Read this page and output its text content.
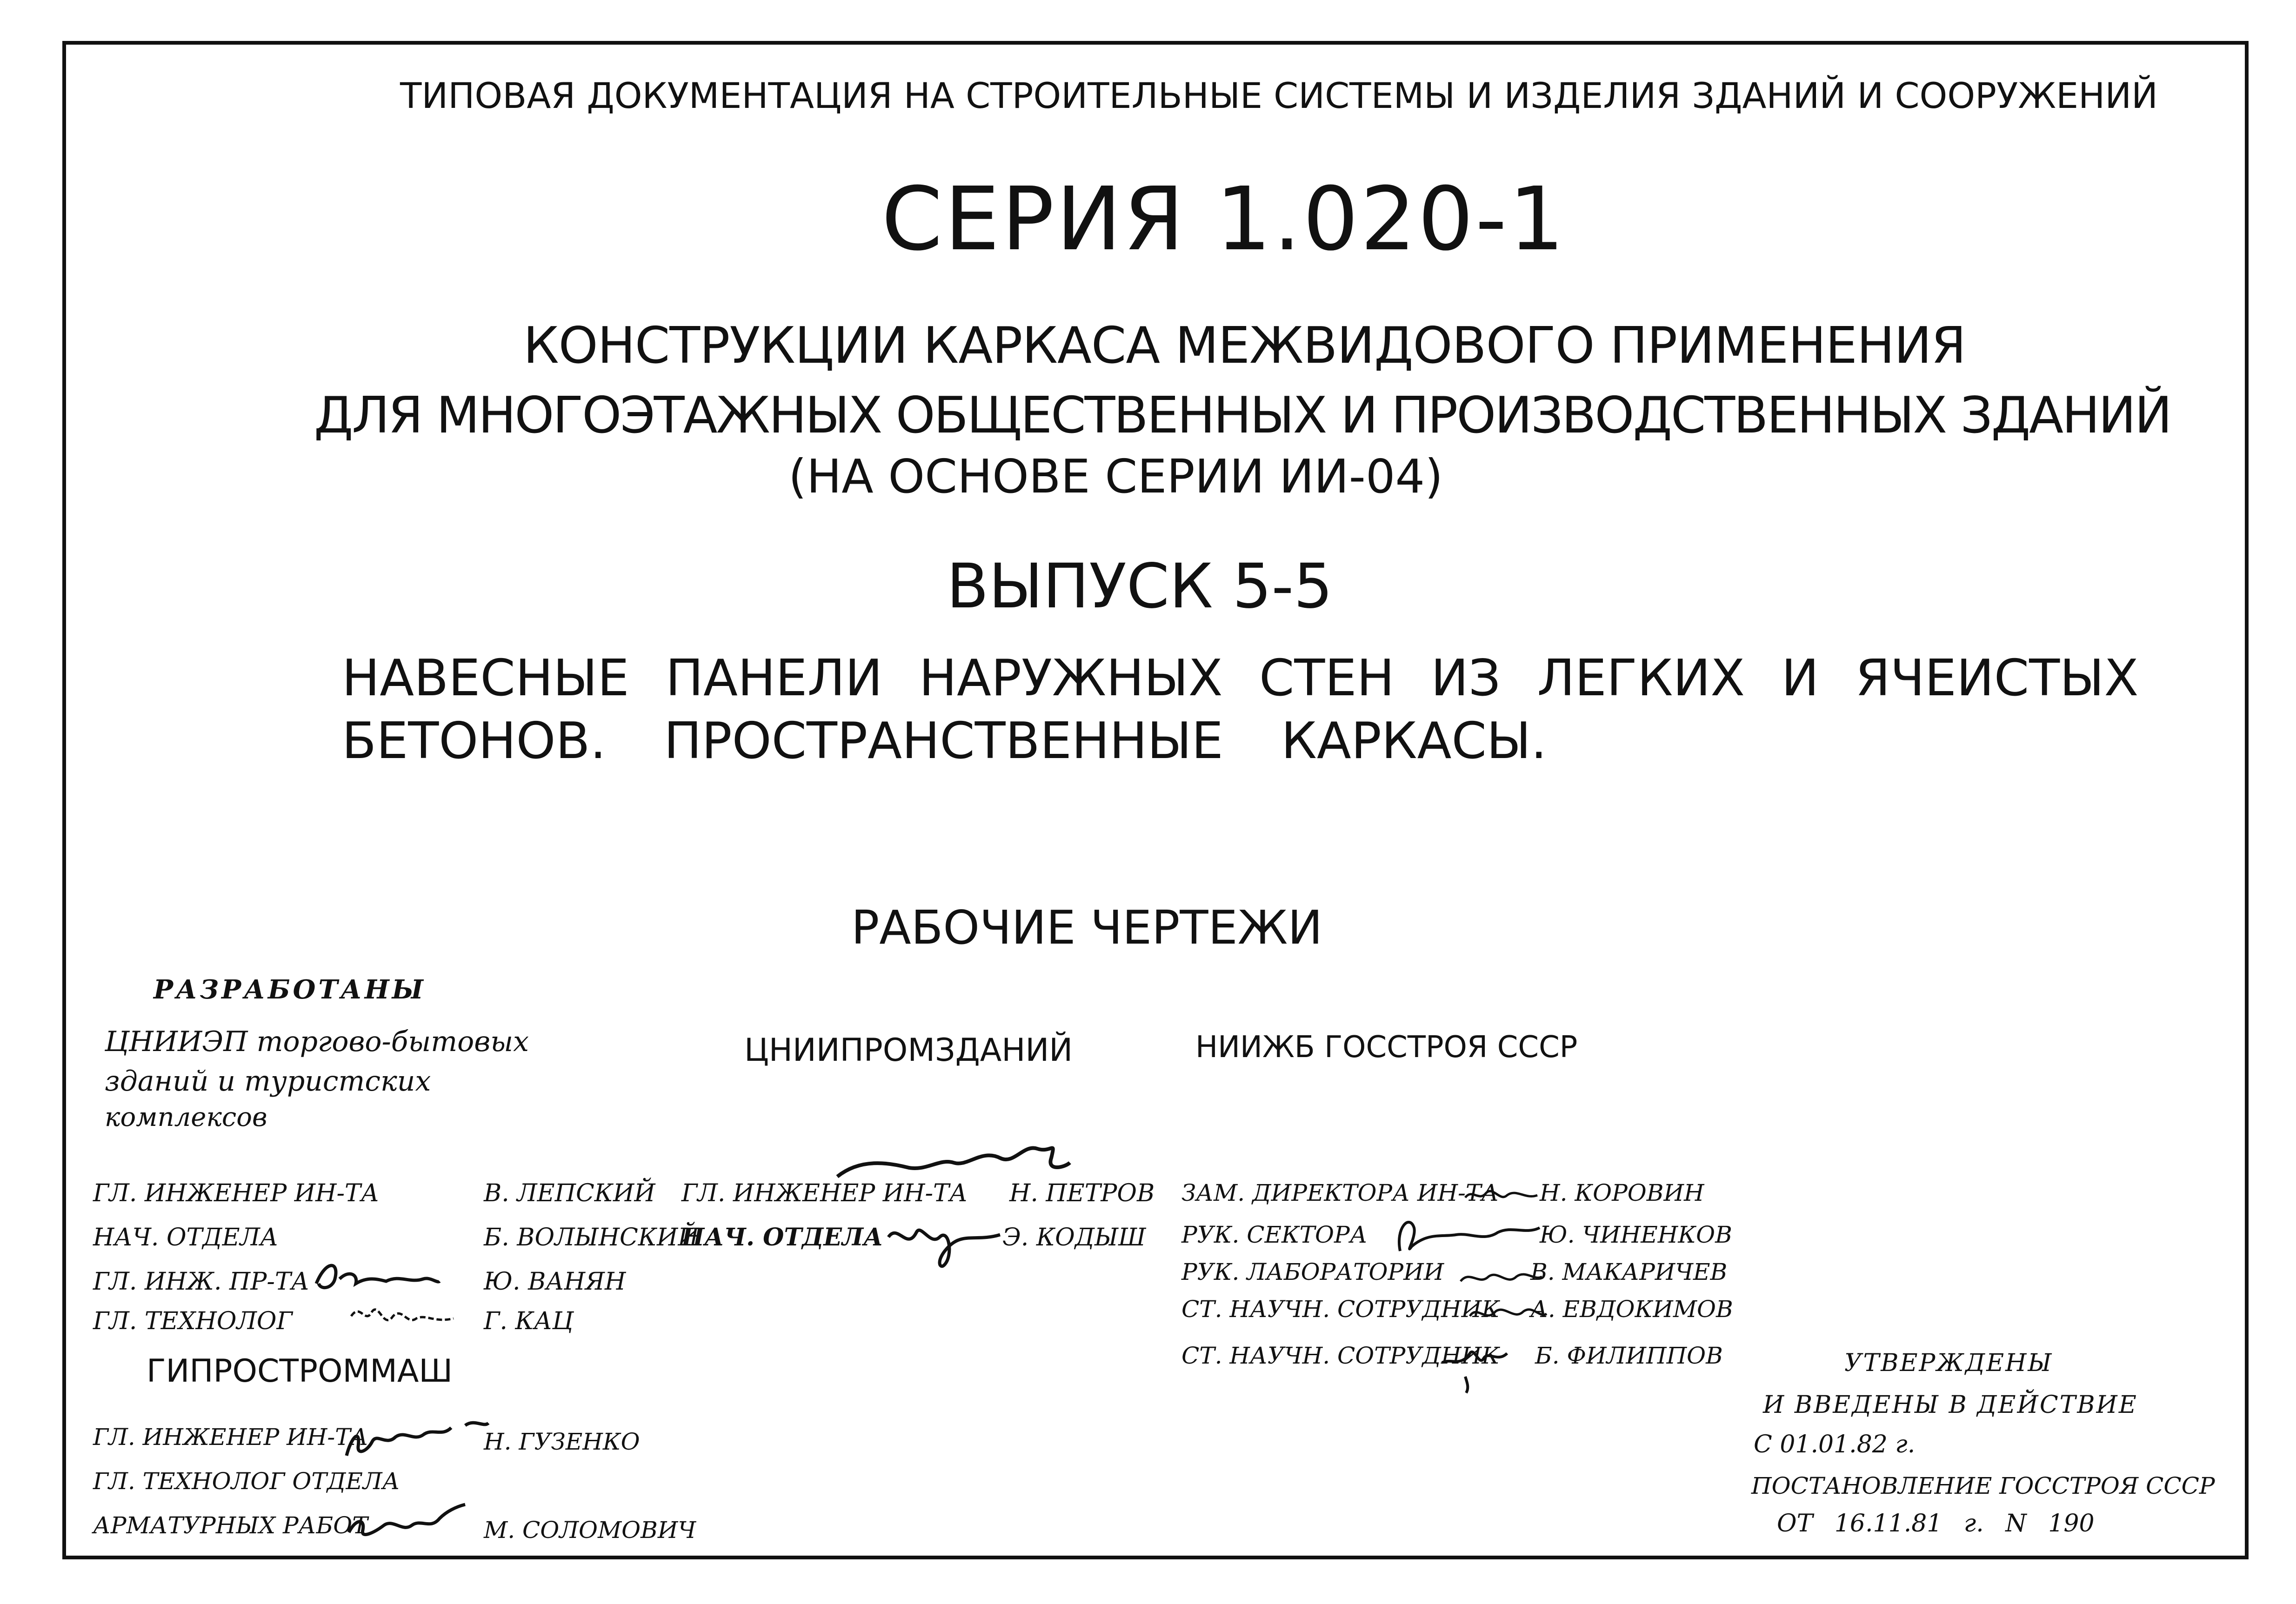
ТИПОВАЯ ДОКУМЕНТАЦИЯ НА СТРОИТЕЛЬНЫЕ СИСТЕМЫ И ИЗДЕЛИЯ ЗДАНИЙ И СООРУЖЕНИЙ
СЕРИЯ 1.020-1
КОНСТРУКЦИИ КАРКАСА МЕЖВИДОВОГО ПРИМЕНЕНИЯ
ДЛЯ МНОГОЭТАЖНЫХ ОБЩЕСТВЕННЫХ И ПРОИЗВОДСТВЕННЫХ ЗДАНИЙ
(НА ОСНОВЕ СЕРИИ ИИ-04)
ВЫПУСК 5-5
НАВЕСНЫЕ ПАНЕЛИ НАРУЖНЫХ СТЕН ИЗ ЛЕГКИХ И ЯЧЕИСТЫХ
БЕТОНОВ. ПРОСТРАНСТВЕННЫЕ КАРКАСЫ.
РАБОЧИЕ ЧЕРТЕЖИ
РАЗРАБОТАНЫ
ЦНИИЭП торгово-бытовых
зданий и туристских
комплексов
ЦНИИПРОМЗДАНИЙ	НИИЖБ ГОССТРОЯ СССР
ГЛ. ИНЖЕНЕР ИН-ТА	В. ЛЕПСКИЙ
НАЧ. ОТДЕЛА	Б. ВОЛЫНСКИЙ
ГЛ. ИНЖ. ПР-ТА	Ю. ВАНЯН
ГЛ. ТЕХНОЛОГ	Г. КАЦ
ГЛ. ИНЖЕНЕР ИН-ТА Н. ПЕТРОВ
НАЧ. ОТДЕЛА	Э. КОДЫШ
ЗАМ. ДИРЕКТОРА ИН-ТА Н. КОРОВИН
РУК. СЕКТОРА	Ю. ЧИНЕНКОВ
РУК. ЛАБОРАТОРИИ	В. МАКАРИЧЕВ
СТ. НАУЧН. СОТРУДНИК А. ЕВДОКИМОВ
СТ. НАУЧН. СОТРУДНИК Б. ФИЛИППОВ
ГИПРОСТРОММАШ
ГЛ. ИНЖЕНЕР ИН-ТА	Н. ГУЗЕНКО
ГЛ. ТЕХНОЛОГ ОТДЕЛА
АРМАТУРНЫХ РАБОТ	М. СОЛОМОВИЧ
УТВЕРЖДЕНЫ
И ВВЕДЕНЫ В ДЕЙСТВИЕ
С 01.01.82 г.
ПОСТАНОВЛЕНИЕ ГОССТРОЯ СССР
ОТ 16.11.81 г. N 190
